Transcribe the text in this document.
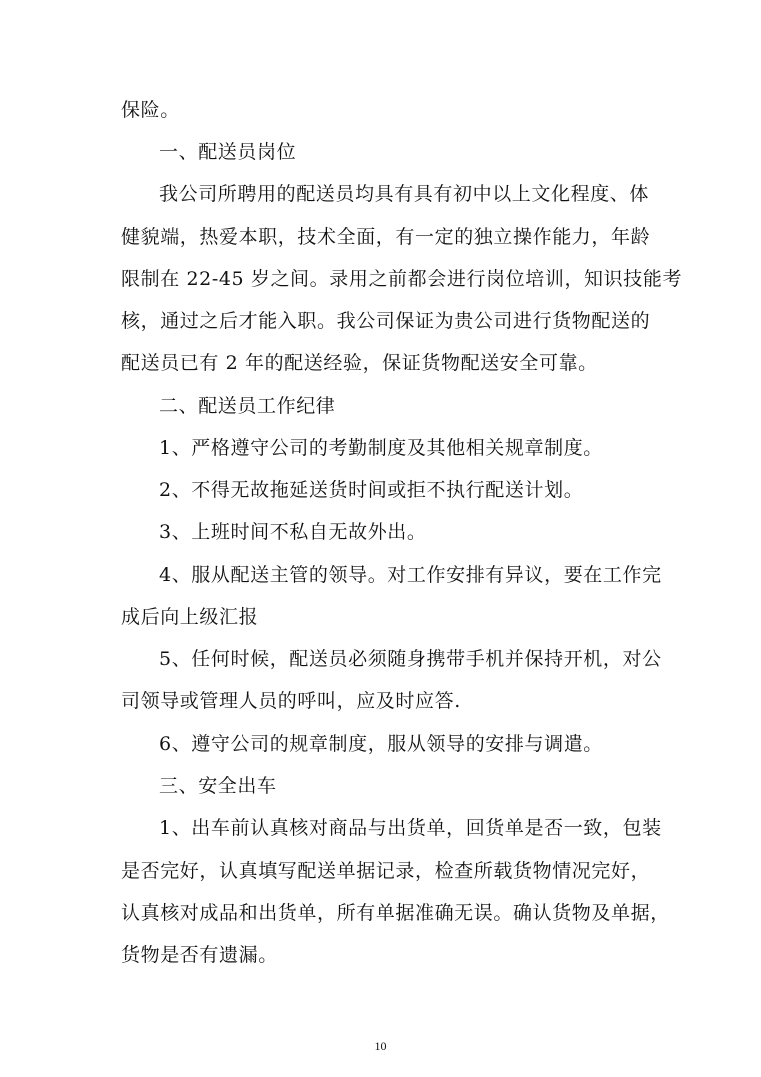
保险。
一、配送员岗位
我公司所聘用的配送员均具有具有初中以上文化程度、体
健貌端，热爱本职，技术全面，有一定的独立操作能力，年龄
限制在 22-45 岁之间。录用之前都会进行岗位培训，知识技能考
核，通过之后才能入职。我公司保证为贵公司进行货物配送的
配送员已有 2 年的配送经验，保证货物配送安全可靠。
二、配送员工作纪律
1、严格遵守公司的考勤制度及其他相关规章制度。
2、不得无故拖延送货时间或拒不执行配送计划。
3、上班时间不私自无故外出。
4、服从配送主管的领导。对工作安排有异议，要在工作完
成后向上级汇报
5、任何时候，配送员必须随身携带手机并保持开机，对公
司领导或管理人员的呼叫，应及时应答.
6、遵守公司的规章制度，服从领导的安排与调遣。
三、安全出车
1、出车前认真核对商品与出货单，回货单是否一致，包装
是否完好，认真填写配送单据记录，检查所载货物情况完好，
认真核对成品和出货单，所有单据准确无误。确认货物及单据，
货物是否有遗漏。
10
